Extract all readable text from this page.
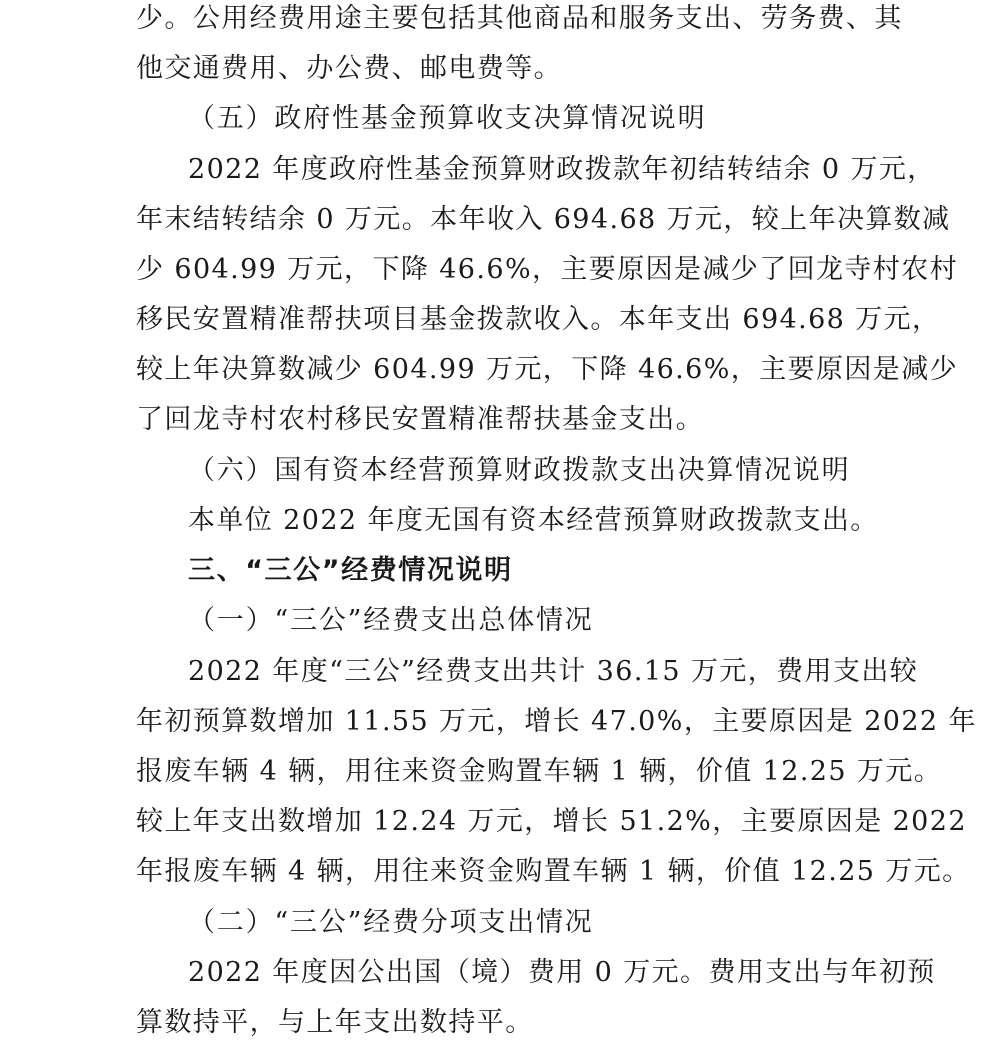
少。公用经费用途主要包括其他商品和服务支出、劳务费、其
他交通费用、办公费、邮电费等。
（五）政府性基金预算收支决算情况说明
2022 年度政府性基金预算财政拨款年初结转结余 0 万元，
年末结转结余 0 万元。本年收入 694.68 万元，较上年决算数减
少 604.99 万元，下降 46.6%，主要原因是减少了回龙寺村农村
移民安置精准帮扶项目基金拨款收入。本年支出 694.68 万元，
较上年决算数减少 604.99 万元，下降 46.6%，主要原因是减少
了回龙寺村农村移民安置精准帮扶基金支出。
（六）国有资本经营预算财政拨款支出决算情况说明
本单位 2022 年度无国有资本经营预算财政拨款支出。
三、“三公”经费情况说明
（一）“三公”经费支出总体情况
2022 年度“三公”经费支出共计 36.15 万元，费用支出较
年初预算数增加 11.55 万元，增长 47.0%，主要原因是 2022 年
报废车辆 4 辆，用往来资金购置车辆 1 辆，价值 12.25 万元。
较上年支出数增加 12.24 万元，增长 51.2%，主要原因是 2022
年报废车辆 4 辆，用往来资金购置车辆 1 辆，价值 12.25 万元。
（二）“三公”经费分项支出情况
2022 年度因公出国（境）费用 0 万元。费用支出与年初预
算数持平，与上年支出数持平。
